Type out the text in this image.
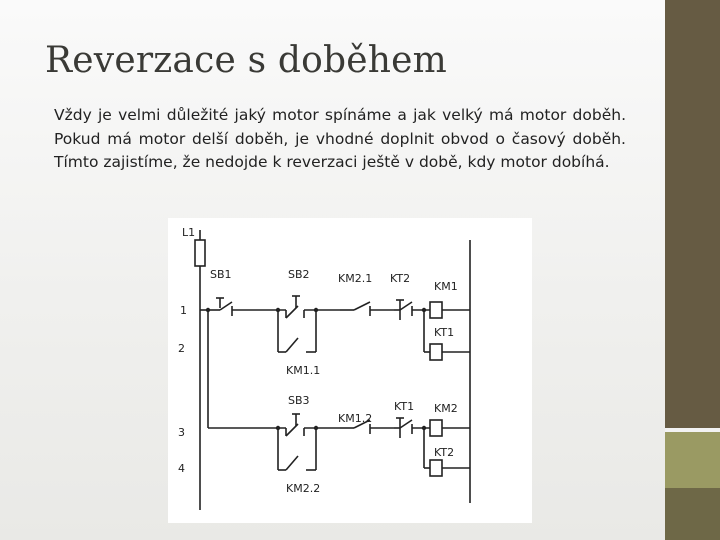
Reverzace s doběhem

Vždy je velmi důležité jaký motor spínáme a jak velký má motor doběh. Pokud má motor delší doběh, je vhodné doplnit obvod o časový doběh. Tímto zajistíme, že nedojde k reverzaci ještě v době, kdy motor dobíhá.

L1
1
2
3
4
SB1	SB2	KM2.1 KT2
KM1
KT1
KM1.1
SB3
KM1.2
KT1 KM2
KT2
KM2.2
